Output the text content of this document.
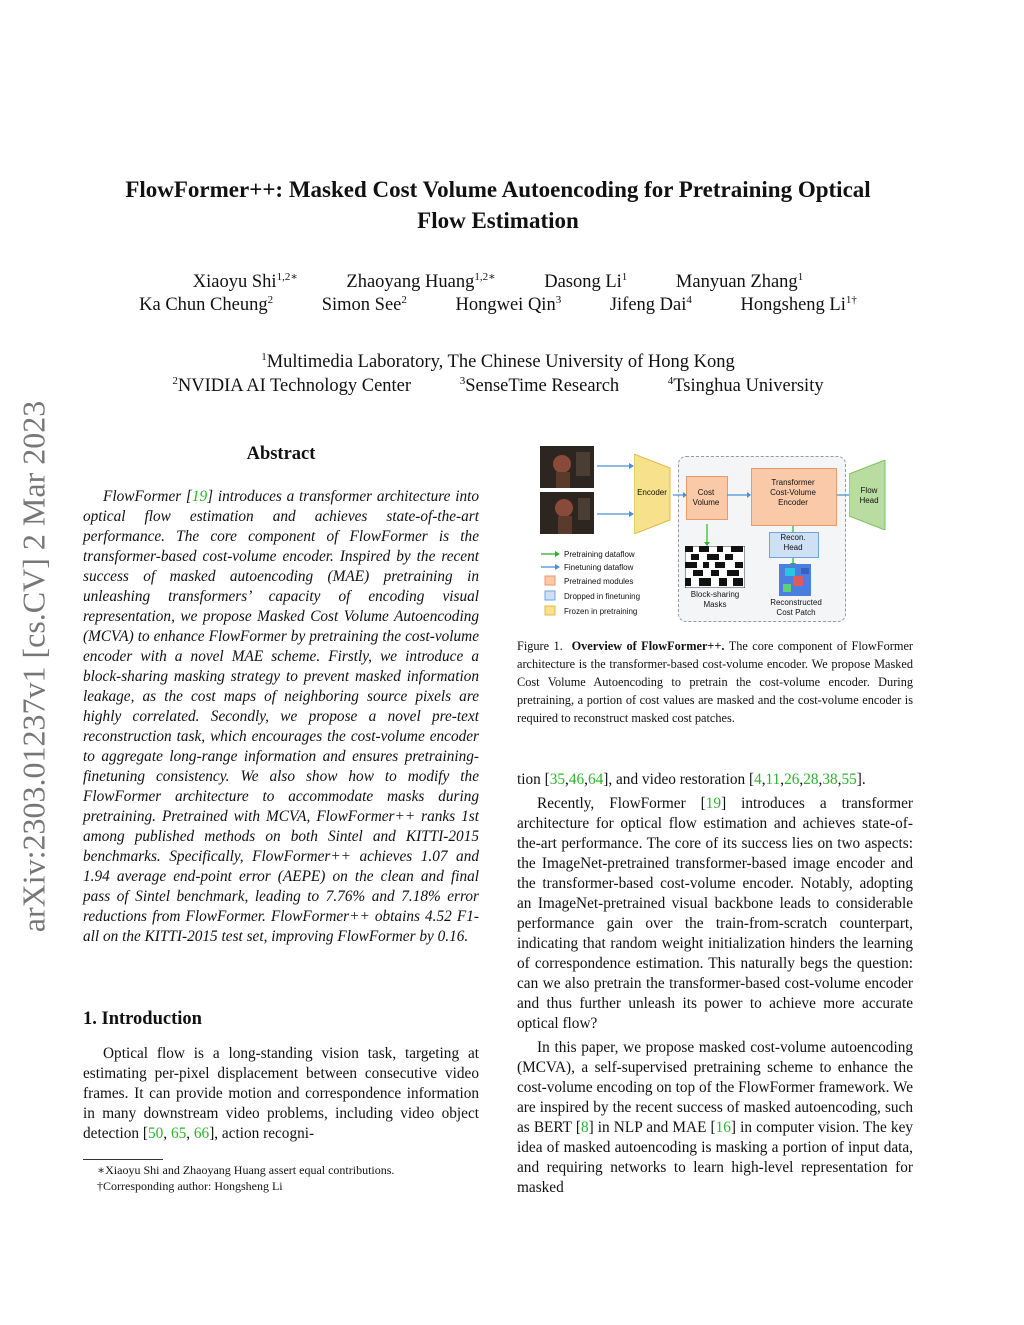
arXiv:2303.01237v1 [cs.CV] 2 Mar 2023
FlowFormer++: Masked Cost Volume Autoencoding for Pretraining Optical
Flow Estimation
Xiaoyu Shi$^{1,2∗}$	Zhaoyang Huang$^{1,2∗}$	Dasong Li$^1$	Manyuan Zhang$^1$
Ka Chun Cheung$^2$	Simon See$^2$	Hongwei Qin$^3$	Jifeng Dai$^4$	Hongsheng $Li^{1\dagger}$
$^1$Multimedia Laboratory, The Chinese University of Hong Kong
$^2$NVIDIA AI Technology Center	$^3$SenseTime Research	$^4$Tsinghua University
Abstract

FlowFormer [19] introduces a transformer architecture into optical flow estimation and achieves state-of-the-art performance. The core component of FlowFormer is the transformer-based cost-volume encoder. Inspired by the recent success of masked autoencoding (MAE) pretraining in unleashing transformers’ capacity of encoding visual representation, we propose Masked Cost Volume Autoencoding (MCVA) to enhance FlowFormer by pretraining the cost-volume encoder with a novel MAE scheme. Firstly, we introduce a block-sharing masking strategy to prevent masked information leakage, as the cost maps of neighboring source pixels are highly correlated. Secondly, we propose a novel pre-text reconstruction task, which encourages the cost-volume encoder to aggregate long-range information and ensures pretraining-finetuning consistency. We also show how to modify the FlowFormer architecture to accommodate masks during pretraining. Pretrained with MCVA, FlowFormer++ ranks 1st among published methods on both Sintel and KITTI-2015 benchmarks. Specifically, FlowFormer++ achieves 1.07 and 1.94 average end-point error (AEPE) on the clean and final pass of Sintel benchmark, leading to 7.76% and 7.18% error reductions from FlowFormer. FlowFormer++ obtains 4.52 F1-all on the KITTI-2015 test set, improving FlowFormer by 0.16.

1. Introduction

Optical flow is a long-standing vision task, targeting at estimating per-pixel displacement between consecutive video frames. It can provide motion and correspondence information in many downstream video problems, including video object detection [50, 65, 66], action recogni-

∗Xiaoyu Shi and Zhaoyang Huang assert equal contributions.
†Corresponding author: Hongsheng Li
Encoder	Cost
Volume
Transformer
Cost-Volume
Encoder
Flow
Head
Recon.
Head
Block-sharing
Masks	Reconstructed
Cost Patch
Pretraining dataflow
Finetuning dataflow
Pretrained modules
Dropped in finetuning
Frozen in pretraining
Figure 1. Overview of FlowFormer++. The core component of FlowFormer architecture is the transformer-based cost-volume encoder. We propose Masked Cost Volume Autoencoding to pretrain the cost-volume encoder. During pretraining, a portion of cost values are masked and the cost-volume encoder is required to reconstruct masked cost patches.

tion [35,46,64], and video restoration [4,11,26,28,38,55].

Recently, FlowFormer [19] introduces a transformer architecture for optical flow estimation and achieves state-of-the-art performance. The core of its success lies on two aspects: the ImageNet-pretrained transformer-based image encoder and the transformer-based cost-volume encoder. Notably, adopting an ImageNet-pretrained visual backbone leads to considerable performance gain over the train-from-scratch counterpart, indicating that random weight initialization hinders the learning of correspondence estimation. This naturally begs the question: can we also pretrain the transformer-based cost-volume encoder and thus further unleash its power to achieve more accurate optical flow?

In this paper, we propose masked cost-volume autoencoding (MCVA), a self-supervised pretraining scheme to enhance the cost-volume encoding on top of the FlowFormer framework. We are inspired by the recent success of masked autoencoding, such as BERT [8] in NLP and MAE [16] in computer vision. The key idea of masked autoencoding is masking a portion of input data, and requiring networks to learn high-level representation for masked
